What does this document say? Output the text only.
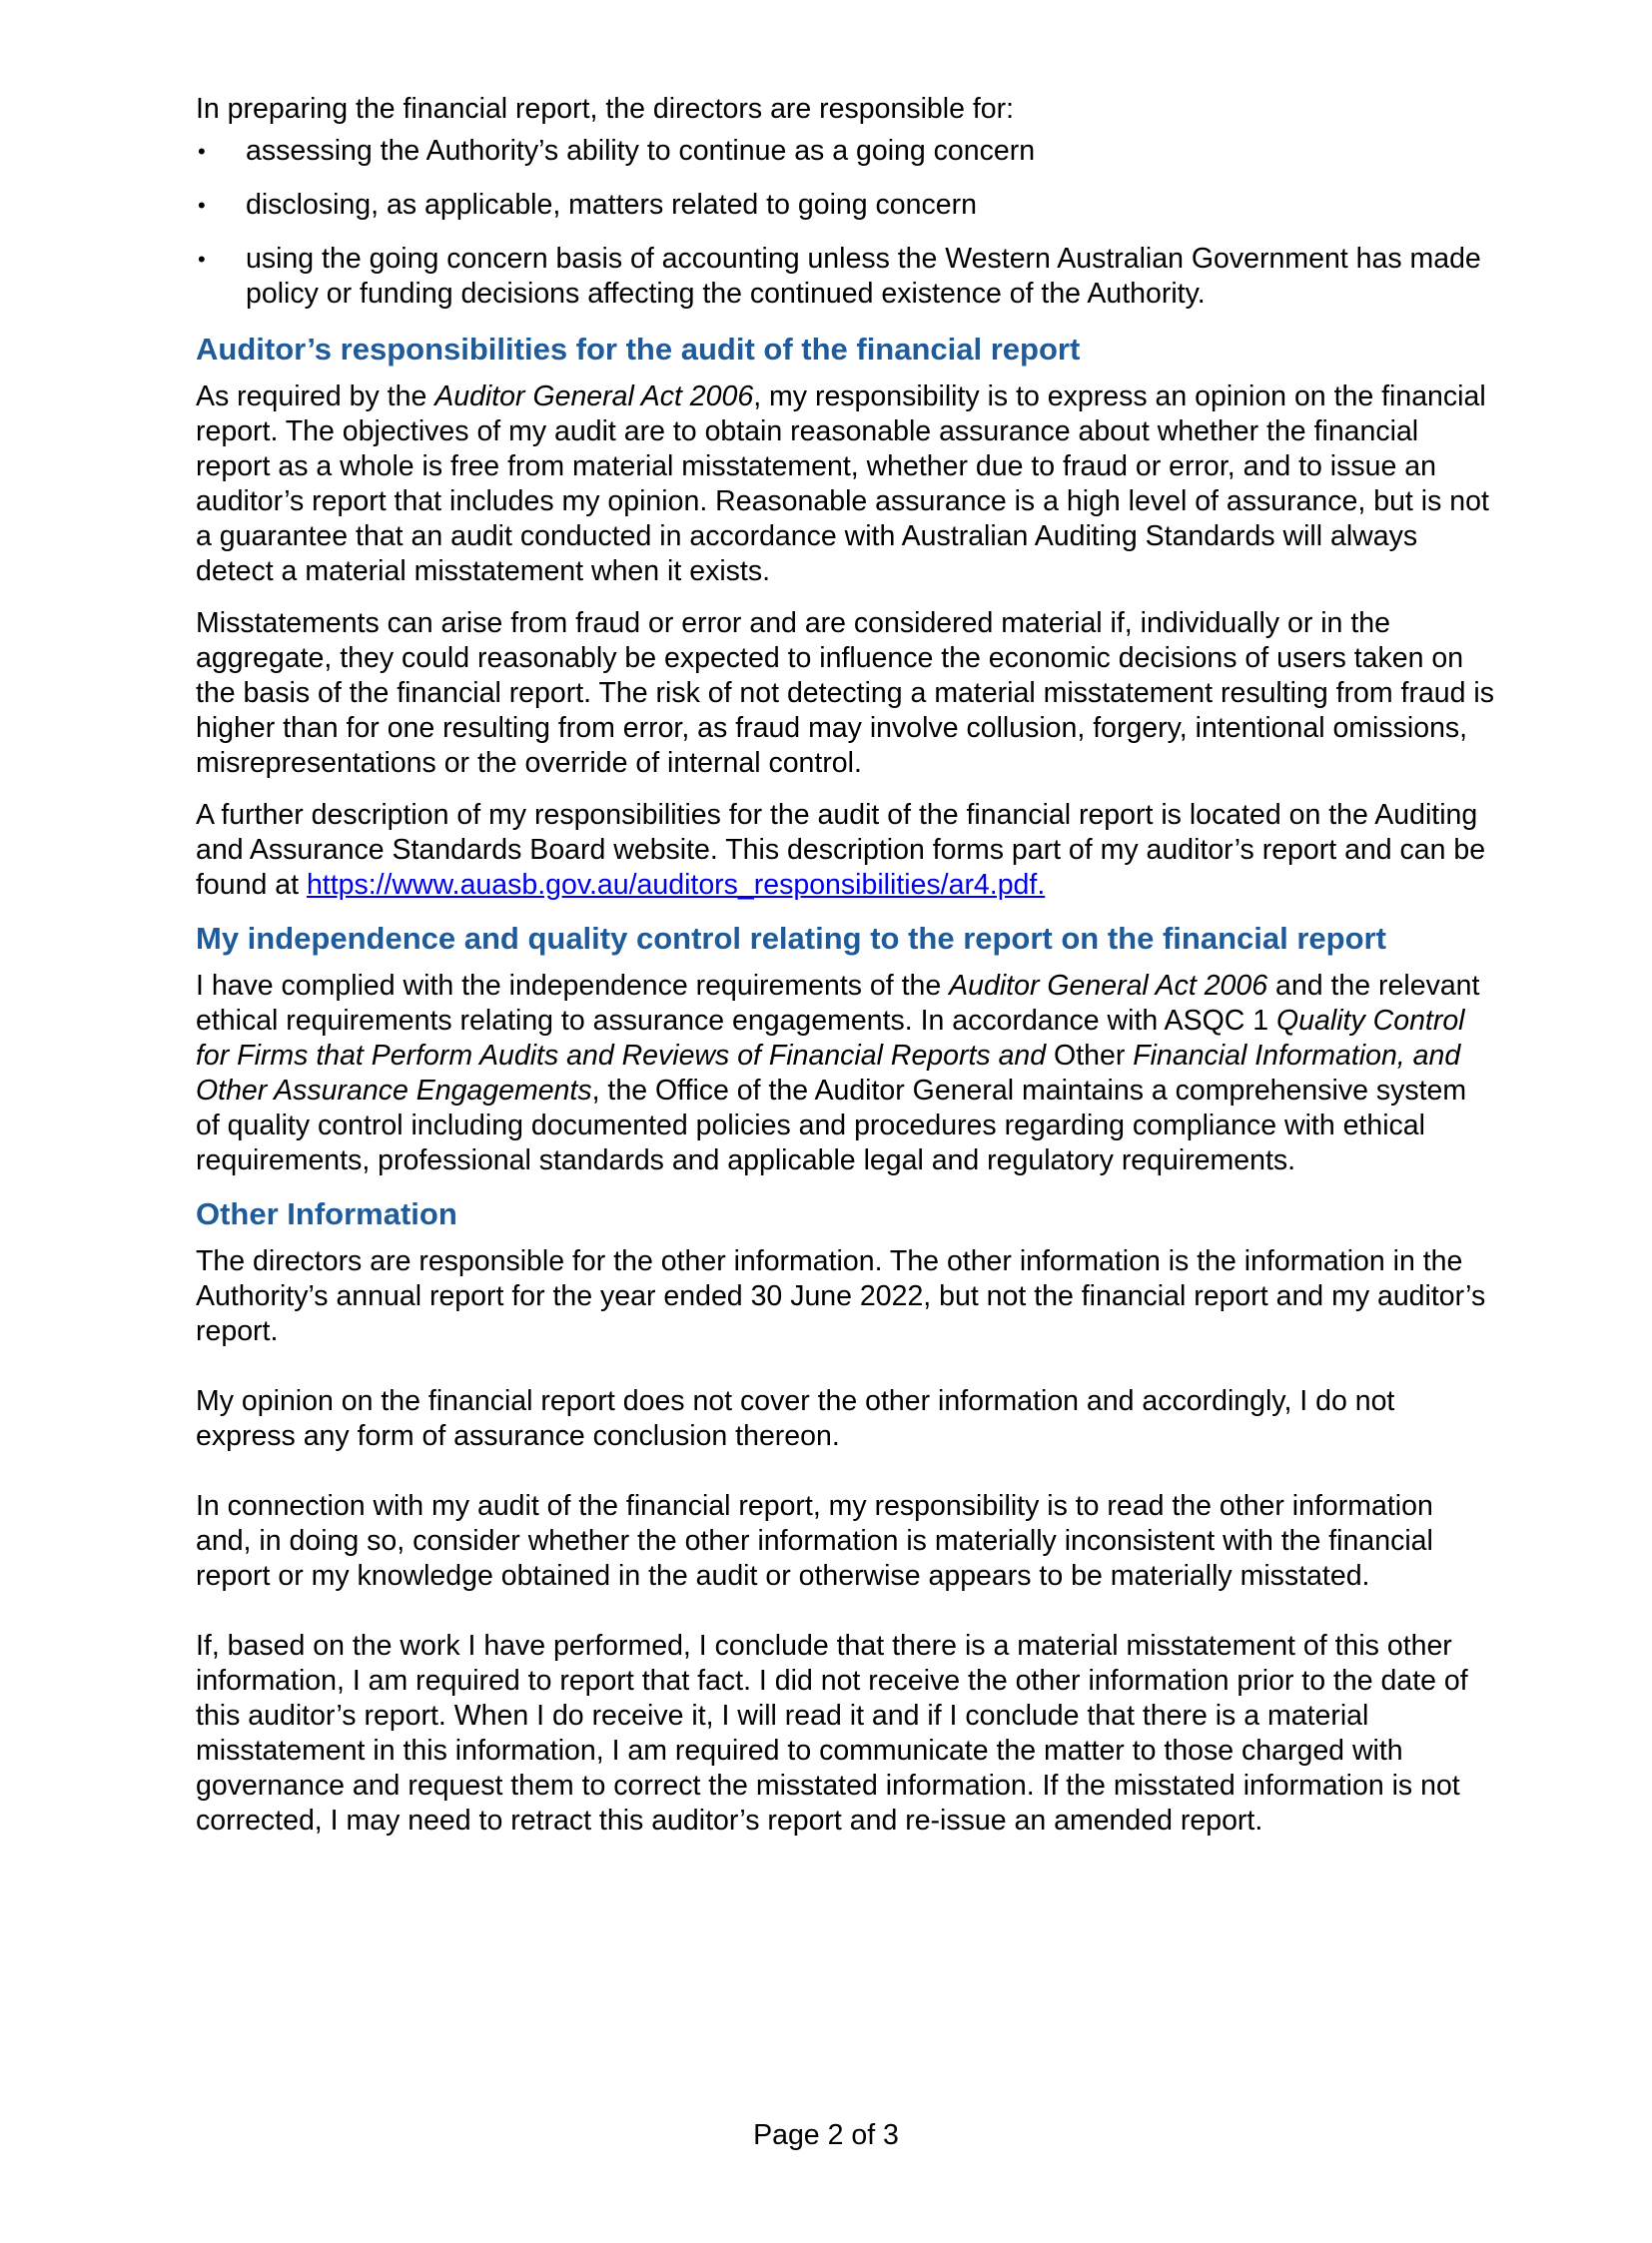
In preparing the financial report, the directors are responsible for:

• assessing the Authority’s ability to continue as a going concern
• disclosing, as applicable, matters related to going concern
• using the going concern basis of accounting unless the Western Australian Government has made policy or funding decisions affecting the continued existence of the Authority.
Auditor’s responsibilities for the audit of the financial report

As required by the Auditor General Act 2006, my responsibility is to express an opinion on the financial report. The objectives of my audit are to obtain reasonable assurance about whether the financial report as a whole is free from material misstatement, whether due to fraud or error, and to issue an auditor’s report that includes my opinion. Reasonable assurance is a high level of assurance, but is not a guarantee that an audit conducted in accordance with Australian Auditing Standards will always detect a material misstatement when it exists.

Misstatements can arise from fraud or error and are considered material if, individually or in the aggregate, they could reasonably be expected to influence the economic decisions of users taken on the basis of the financial report. The risk of not detecting a material misstatement resulting from fraud is higher than for one resulting from error, as fraud may involve collusion, forgery, intentional omissions, misrepresentations or the override of internal control.

A further description of my responsibilities for the audit of the financial report is located on the Auditing and Assurance Standards Board website. This description forms part of my auditor’s report and can be found at https://www.auasb.gov.au/auditors_responsibilities/ar4.pdf.

My independence and quality control relating to the report on the financial report

I have complied with the independence requirements of the Auditor General Act 2006 and the relevant ethical requirements relating to assurance engagements. In accordance with ASQC 1 Quality Control for Firms that Perform Audits and Reviews of Financial Reports and Other Financial Information, and Other Assurance Engagements, the Office of the Auditor General maintains a comprehensive system of quality control including documented policies and procedures regarding compliance with ethical requirements, professional standards and applicable legal and regulatory requirements.

Other Information

The directors are responsible for the other information. The other information is the information in the Authority’s annual report for the year ended 30 June 2022, but not the financial report and my auditor’s report.

My opinion on the financial report does not cover the other information and accordingly, I do not express any form of assurance conclusion thereon.

In connection with my audit of the financial report, my responsibility is to read the other information and, in doing so, consider whether the other information is materially inconsistent with the financial report or my knowledge obtained in the audit or otherwise appears to be materially misstated.

If, based on the work I have performed, I conclude that there is a material misstatement of this other information, I am required to report that fact. I did not receive the other information prior to the date of this auditor’s report. When I do receive it, I will read it and if I conclude that there is a material misstatement in this information, I am required to communicate the matter to those charged with governance and request them to correct the misstated information. If the misstated information is not corrected, I may need to retract this auditor’s report and re-issue an amended report.

Page 2 of 3
